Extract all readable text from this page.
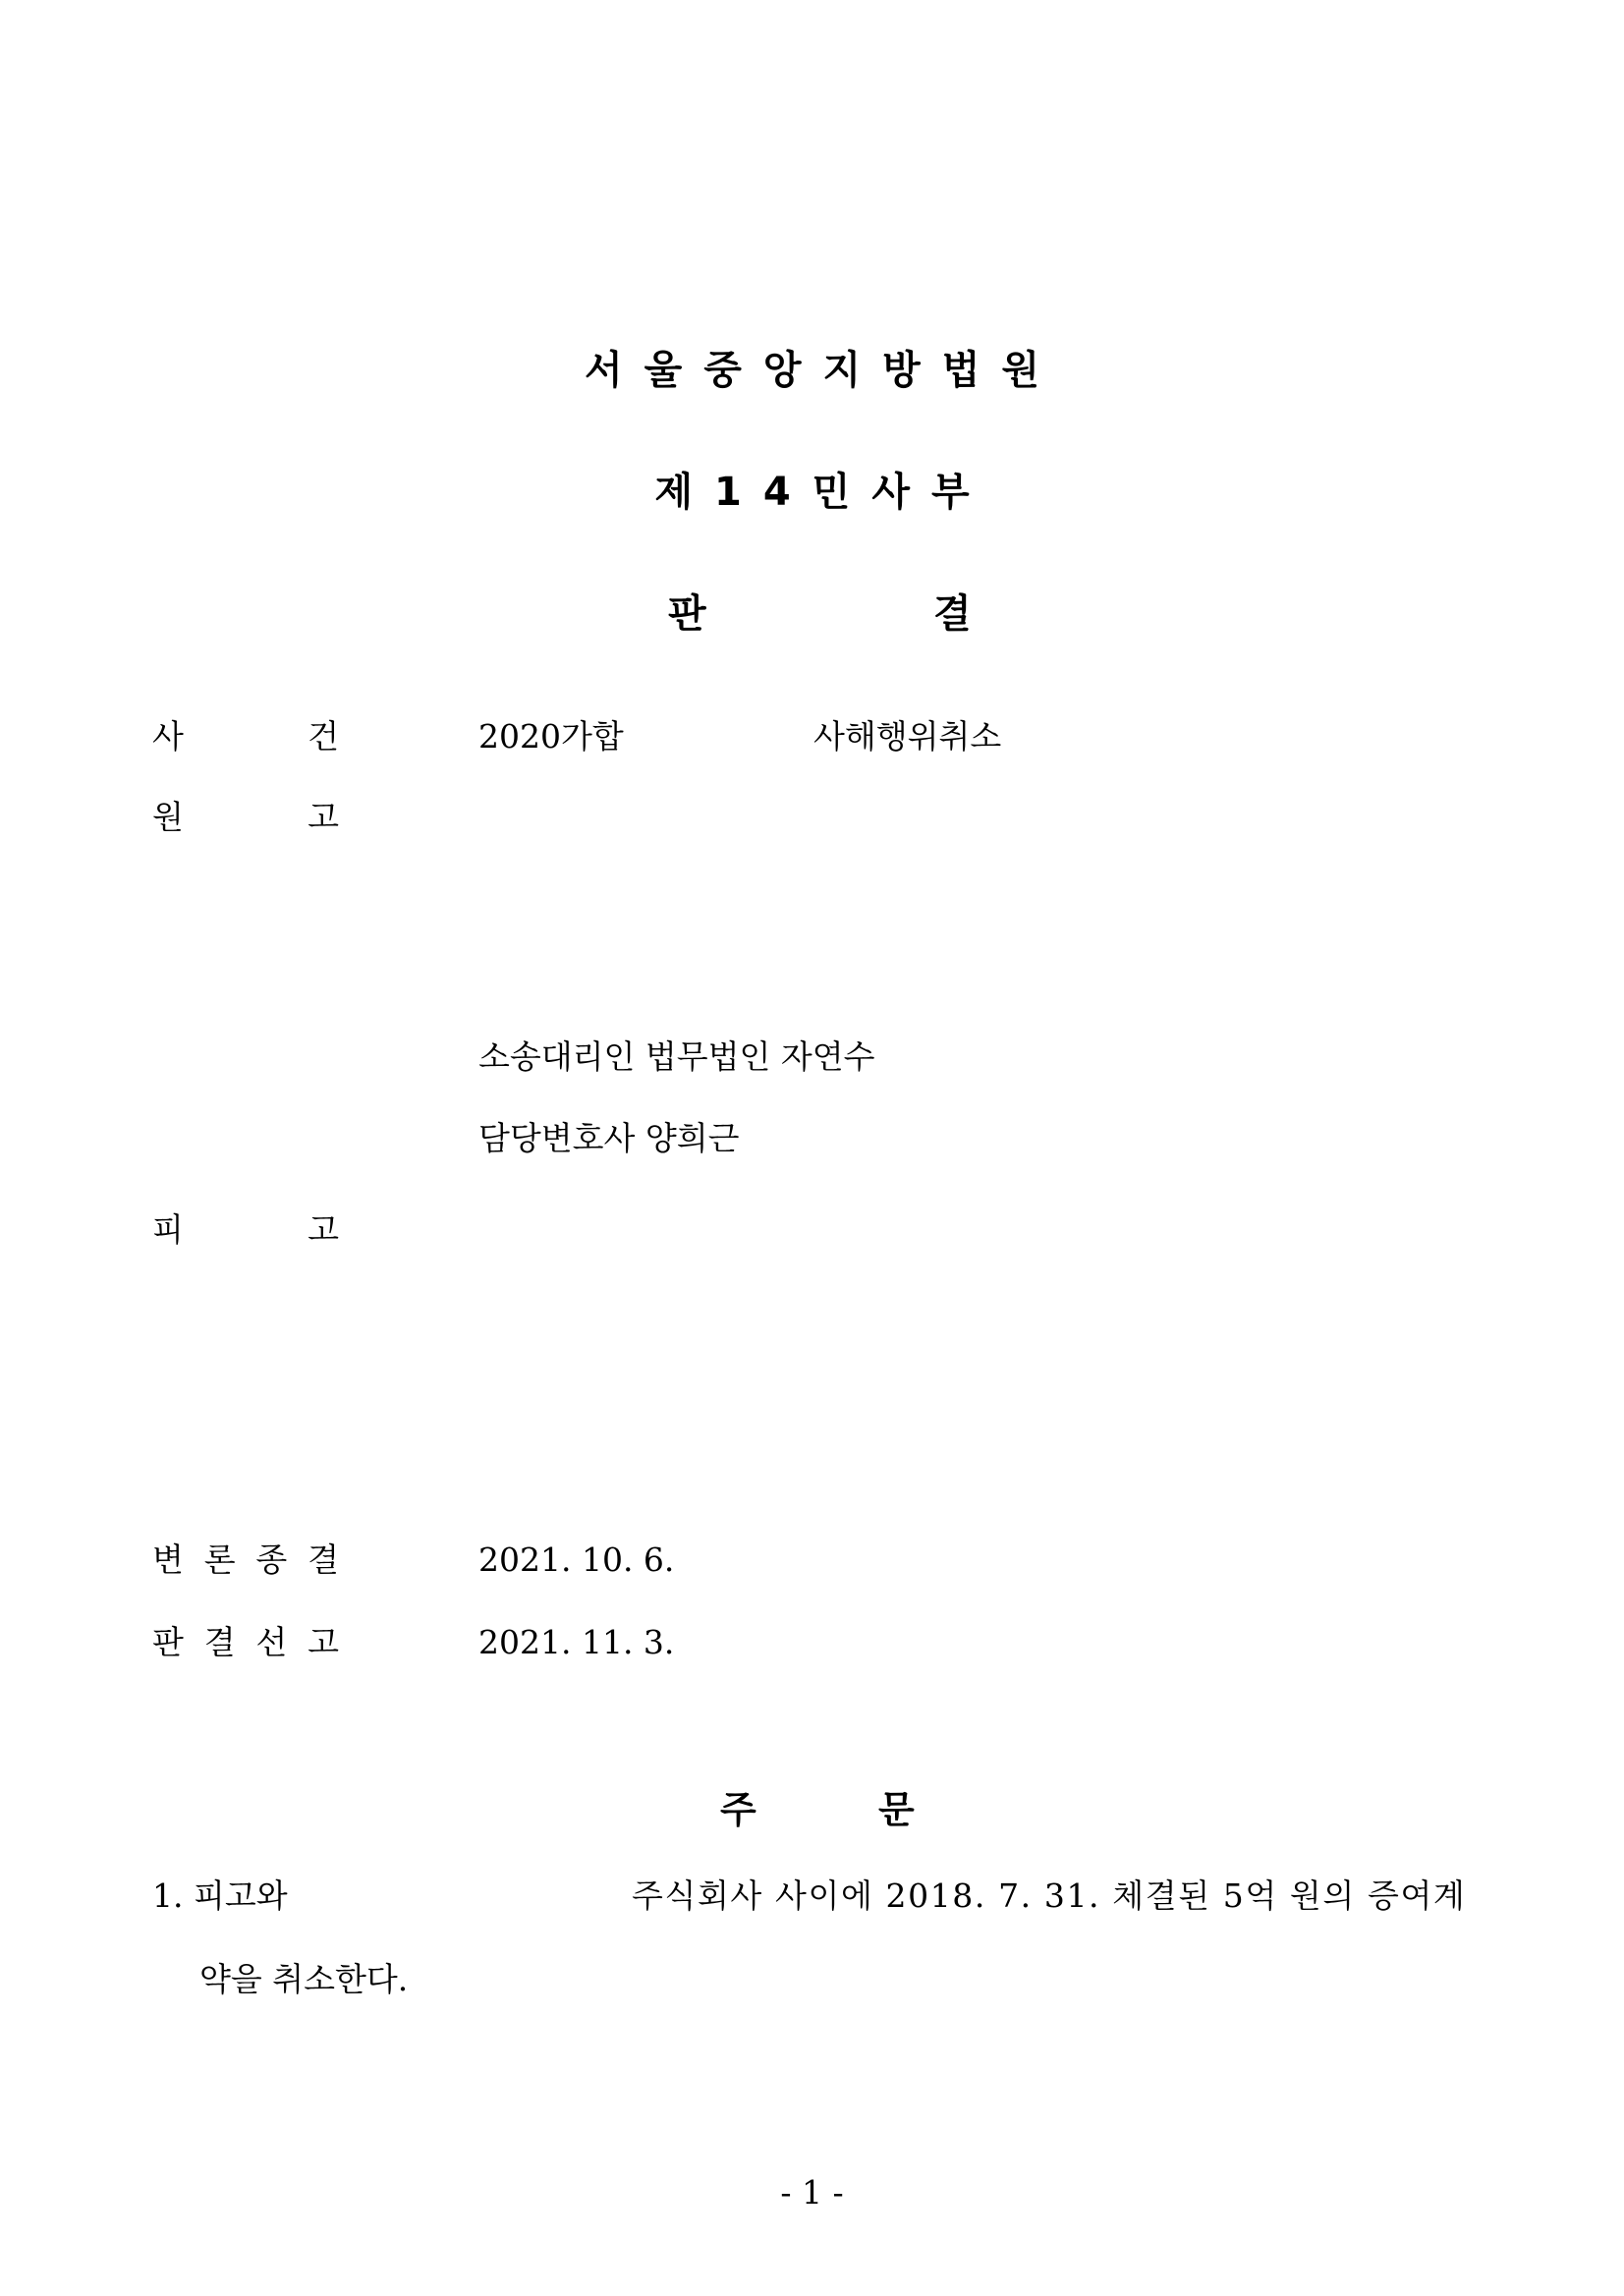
서울중앙지방법원
제14민사부
판	결
사	건	2020가합	사해행위취소
원	고
소송대리인 법무법인 자연수
담당변호사 양희근
피	고
변 론 종 결	2021. 10. 6.
판 결 선 고	2021. 11. 3.
주	문
1. 피고와	주식회사 사이에 2018. 7. 31. 체결된 5억 원의 증여계
약을 취소한다.
- 1 -
